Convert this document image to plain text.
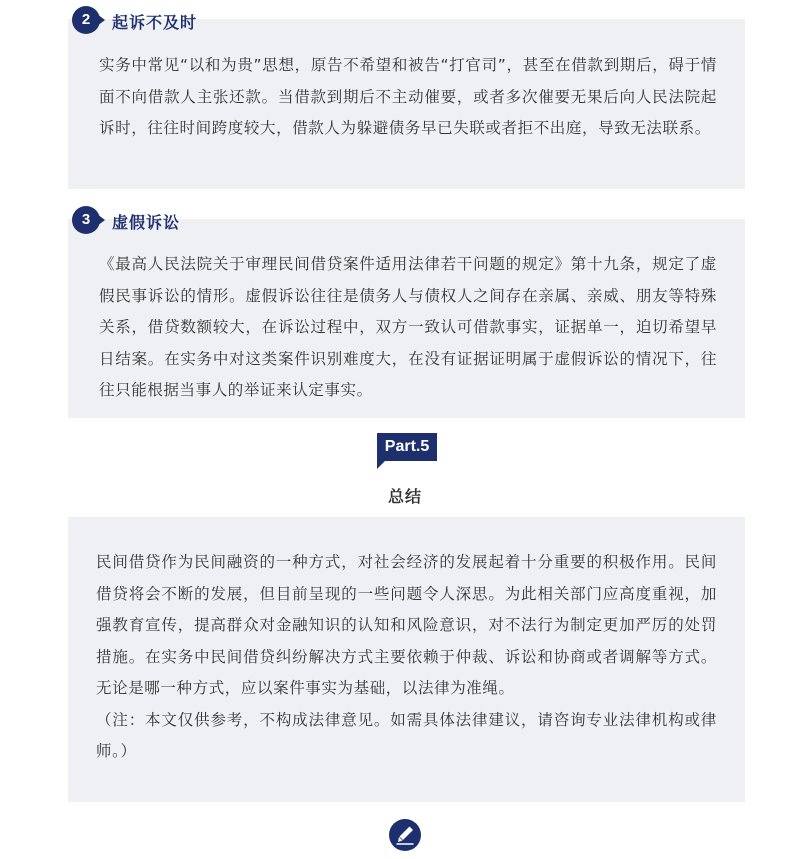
实务中常见“以和为贵”思想，原告不希望和被告“打官司”，甚至在借款到期后，碍于情面不向借款人主张还款。当借款到期后不主动催要，或者多次催要无果后向人民法院起诉时，往往时间跨度较大，借款人为躲避债务早已失联或者拒不出庭，导致无法联系。

2	起诉不及时

《最高人民法院关于审理民间借贷案件适用法律若干问题的规定》第十九条，规定了虚假民事诉讼的情形。虚假诉讼往往是债务人与债权人之间存在亲属、亲威、朋友等特殊关系，借贷数额较大，在诉讼过程中，双方一致认可借款事实，证据单一，迫切希望早日结案。在实务中对这类案件识别难度大，在没有证据证明属于虚假诉讼的情况下，往往只能根据当事人的举证来认定事实。

3	虚假诉讼
Part.5
总结

民间借贷作为民间融资的一种方式，对社会经济的发展起着十分重要的积极作用。民间借贷将会不断的发展，但目前呈现的一些问题令人深思。为此相关部门应高度重视，加强教育宣传，提高群众对金融知识的认知和风险意识，对不法行为制定更加严厉的处罚措施。在实务中民间借贷纠纷解决方式主要依赖于仲裁、诉讼和协商或者调解等方式。无论是哪一种方式，应以案件事实为基础，以法律为准绳。

（注：本文仅供参考，不构成法律意见。如需具体法律建议，请咨询专业法律机构或律师。）
